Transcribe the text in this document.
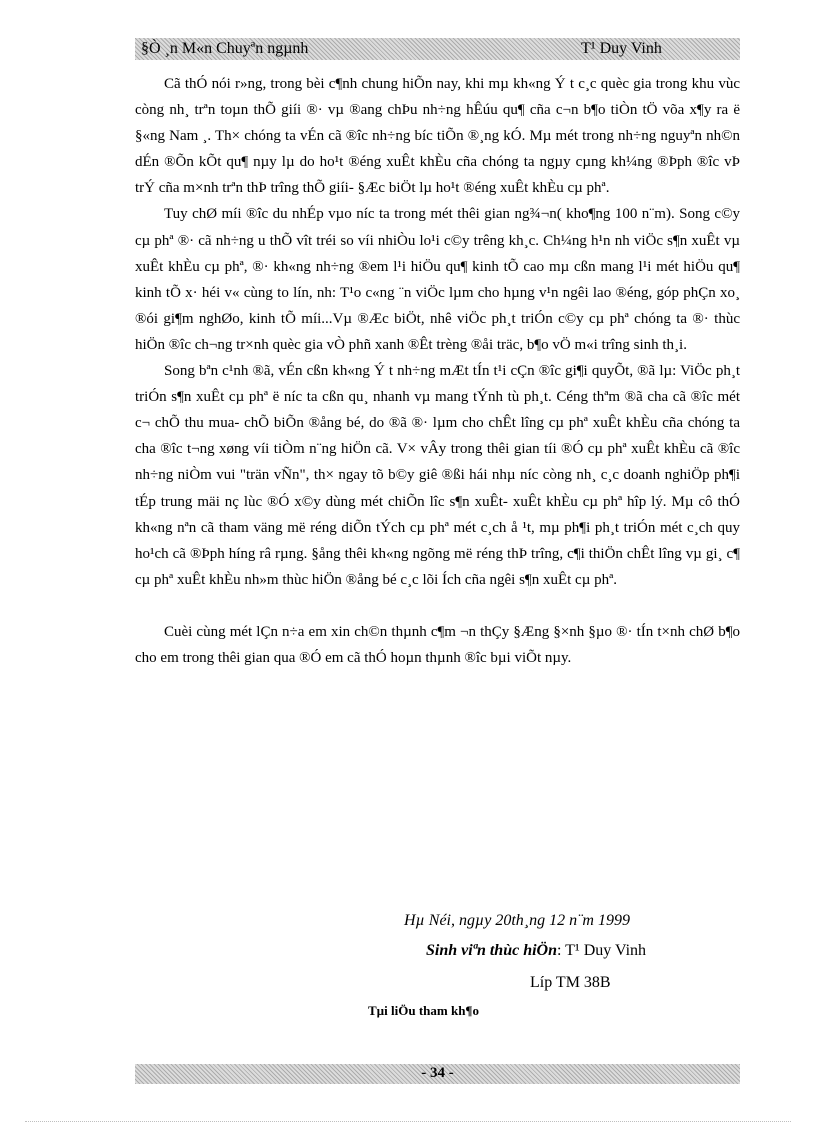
§Ò ¸n M«n Chuyªn ngµnh	T¹ Duy Vinh

Cã thÓ nói r»ng, trong bèi c¶nh chung hiÕn nay, khi mµ kh«ng Ý t c¸c quèc gia trong khu vùc còng nh¸ trªn toµn thÕ giíi ®· vµ ®ang chÞu nh÷ng hÊúu qu¶ cña c¬n b¶o tiÒn tÖ võa x¶y ra ë §«ng Nam ¸. Th× chóng ta vÉn cã ®îc nh÷ng bíc tiÕn ®¸ng kÓ. Mµ mét trong nh÷ng nguyªn nh©n dÉn ®Õn kÕt qu¶ nµy lµ do ho¹t ®éng xuÊt khÈu cña chóng ta ngµy cµng kh¼ng ®Þph ®îc vÞ trÝ cña m×nh trªn thÞ trîng thÕ giíi- §Æc biÖt lµ ho¹t ®éng xuÊt khÈu cµ phª.

Tuy chØ míi ®îc du nhÉp vµo níc ta trong mét thêi gian ng¾¬n( kho¶ng 100 n¨m). Song c©y cµ phª ®· cã nh÷ng u thÕ vît tréi so víi nhiÒu lo¹i c©y trêng kh¸c. Ch¼ng h¹n nh viÖc s¶n xuÊt vµ xuÊt khÈu cµ phª, ®· kh«ng nh÷ng ®em l¹i hiÖu qu¶ kinh tÕ cao mµ cßn mang l¹i mét hiÖu qu¶ kinh tÕ x· héi v« cùng to lín, nh: T¹o c«ng ¨n viÖc lµm cho hµng v¹n ngêi lao ®éng, góp phÇn xo¸ ®ói gi¶m nghØo, kinh tÕ míi...Vµ ®Æc biÖt, nhê viÖc ph¸t triÓn c©y cµ phª chóng ta ®· thùc hiÖn ®îc ch¬ng tr×nh quèc gia vÒ phñ xanh ®Êt trèng ®åi träc, b¶o vÖ m«i trîng sinh th¸i.

Song bªn c¹nh ®ã, vÉn cßn kh«ng Ý t nh÷ng mÆt tÍn t¹i cÇn ®îc gi¶i quyÕt, ®ã lµ: ViÖc ph¸t triÓn s¶n xuÊt cµ phª ë níc ta cßn qu¸ nhanh vµ mang tÝnh tù ph¸t. Céng thªm ®ã cha cã ®îc mét c¬ chÕ thu mua- chÕ biÕn ®ång bé, do ®ã ®· lµm cho chÊt lîng cµ phª xuÊt khÈu cña chóng ta cha ®îc t¬ng xøng víi tiÒm n¨ng hiÖn cã. V× vÂy trong thêi gian tíi ®Ó cµ phª xuÊt khÈu cã ®îc nh÷ng niÒm vui "trän vÑn", th× ngay tõ b©y giê ®ßi hái nhµ níc còng nh¸ c¸c doanh nghiÖp ph¶i tÉp trung mäi nç lùc ®Ó x©y dùng mét chiÕn lîc s¶n xuÊt- xuÊt khÈu cµ phª hîp lý. Mµ cô thÓ kh«ng nªn cã tham väng më réng diÕn tÝch cµ phª mét c¸ch å ¹t, mµ ph¶i ph¸t triÓn mét c¸ch quy ho¹ch cã ®Þph híng râ rµng. §ång thêi kh«ng ngõng më réng thÞ trîng, c¶i thiÖn chÊt lîng vµ gi¸ c¶ cµ phª xuÊt khÈu nh»m thùc hiÖn ®ång bé c¸c lõi Ích cña ngêi s¶n xuÊt cµ phª.

Cuèi cùng mét lÇn n÷a em xin ch©n thµnh c¶m ¬n thÇy §Æng §×nh §µo ®· tÍn t×nh chØ b¶o cho em trong thêi gian qua ®Ó em cã thÓ hoµn thµnh ®îc bµi viÕt nµy.

Hµ Néi, ngµy 20th¸ng 12 n¨m 1999
Sinh viªn thùc hiÖn: T¹ Duy Vinh
Líp TM 38B
Tµi liÖu tham kh¶o
- 34 -
